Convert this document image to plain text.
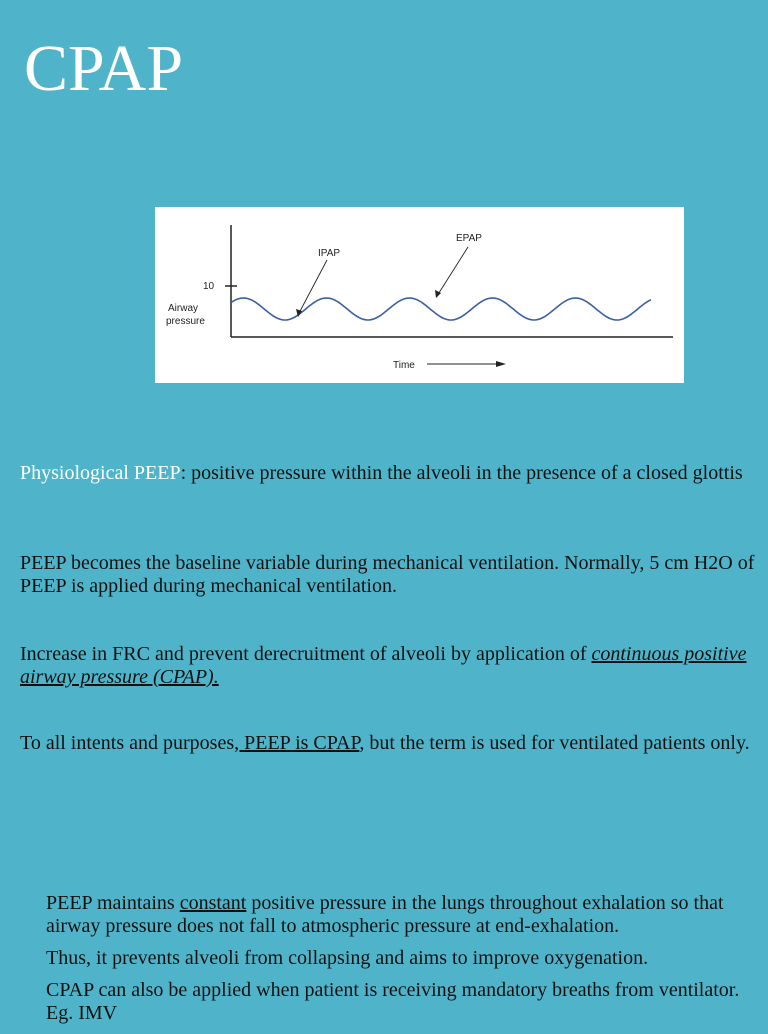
CPAP
10
Airway
pressure
IPAP
EPAP
Time
Physiological PEEP: positive pressure within the alveoli in the presence of a closed glottis
PEEP becomes the baseline variable during mechanical ventilation. Normally, 5 cm H2O of PEEP is applied during mechanical ventilation.
Increase in FRC and prevent derecruitment of alveoli by application of continuous positive airway pressure (CPAP).
To all intents and purposes, PEEP is CPAP, but the term is used for ventilated patients only.

PEEP maintains constant positive pressure in the lungs throughout exhalation so that airway pressure does not fall to atmospheric pressure at end-exhalation.

Thus, it prevents alveoli from collapsing and aims to improve oxygenation.

CPAP can also be applied when patient is receiving mandatory breaths from ventilator. Eg. IMV
